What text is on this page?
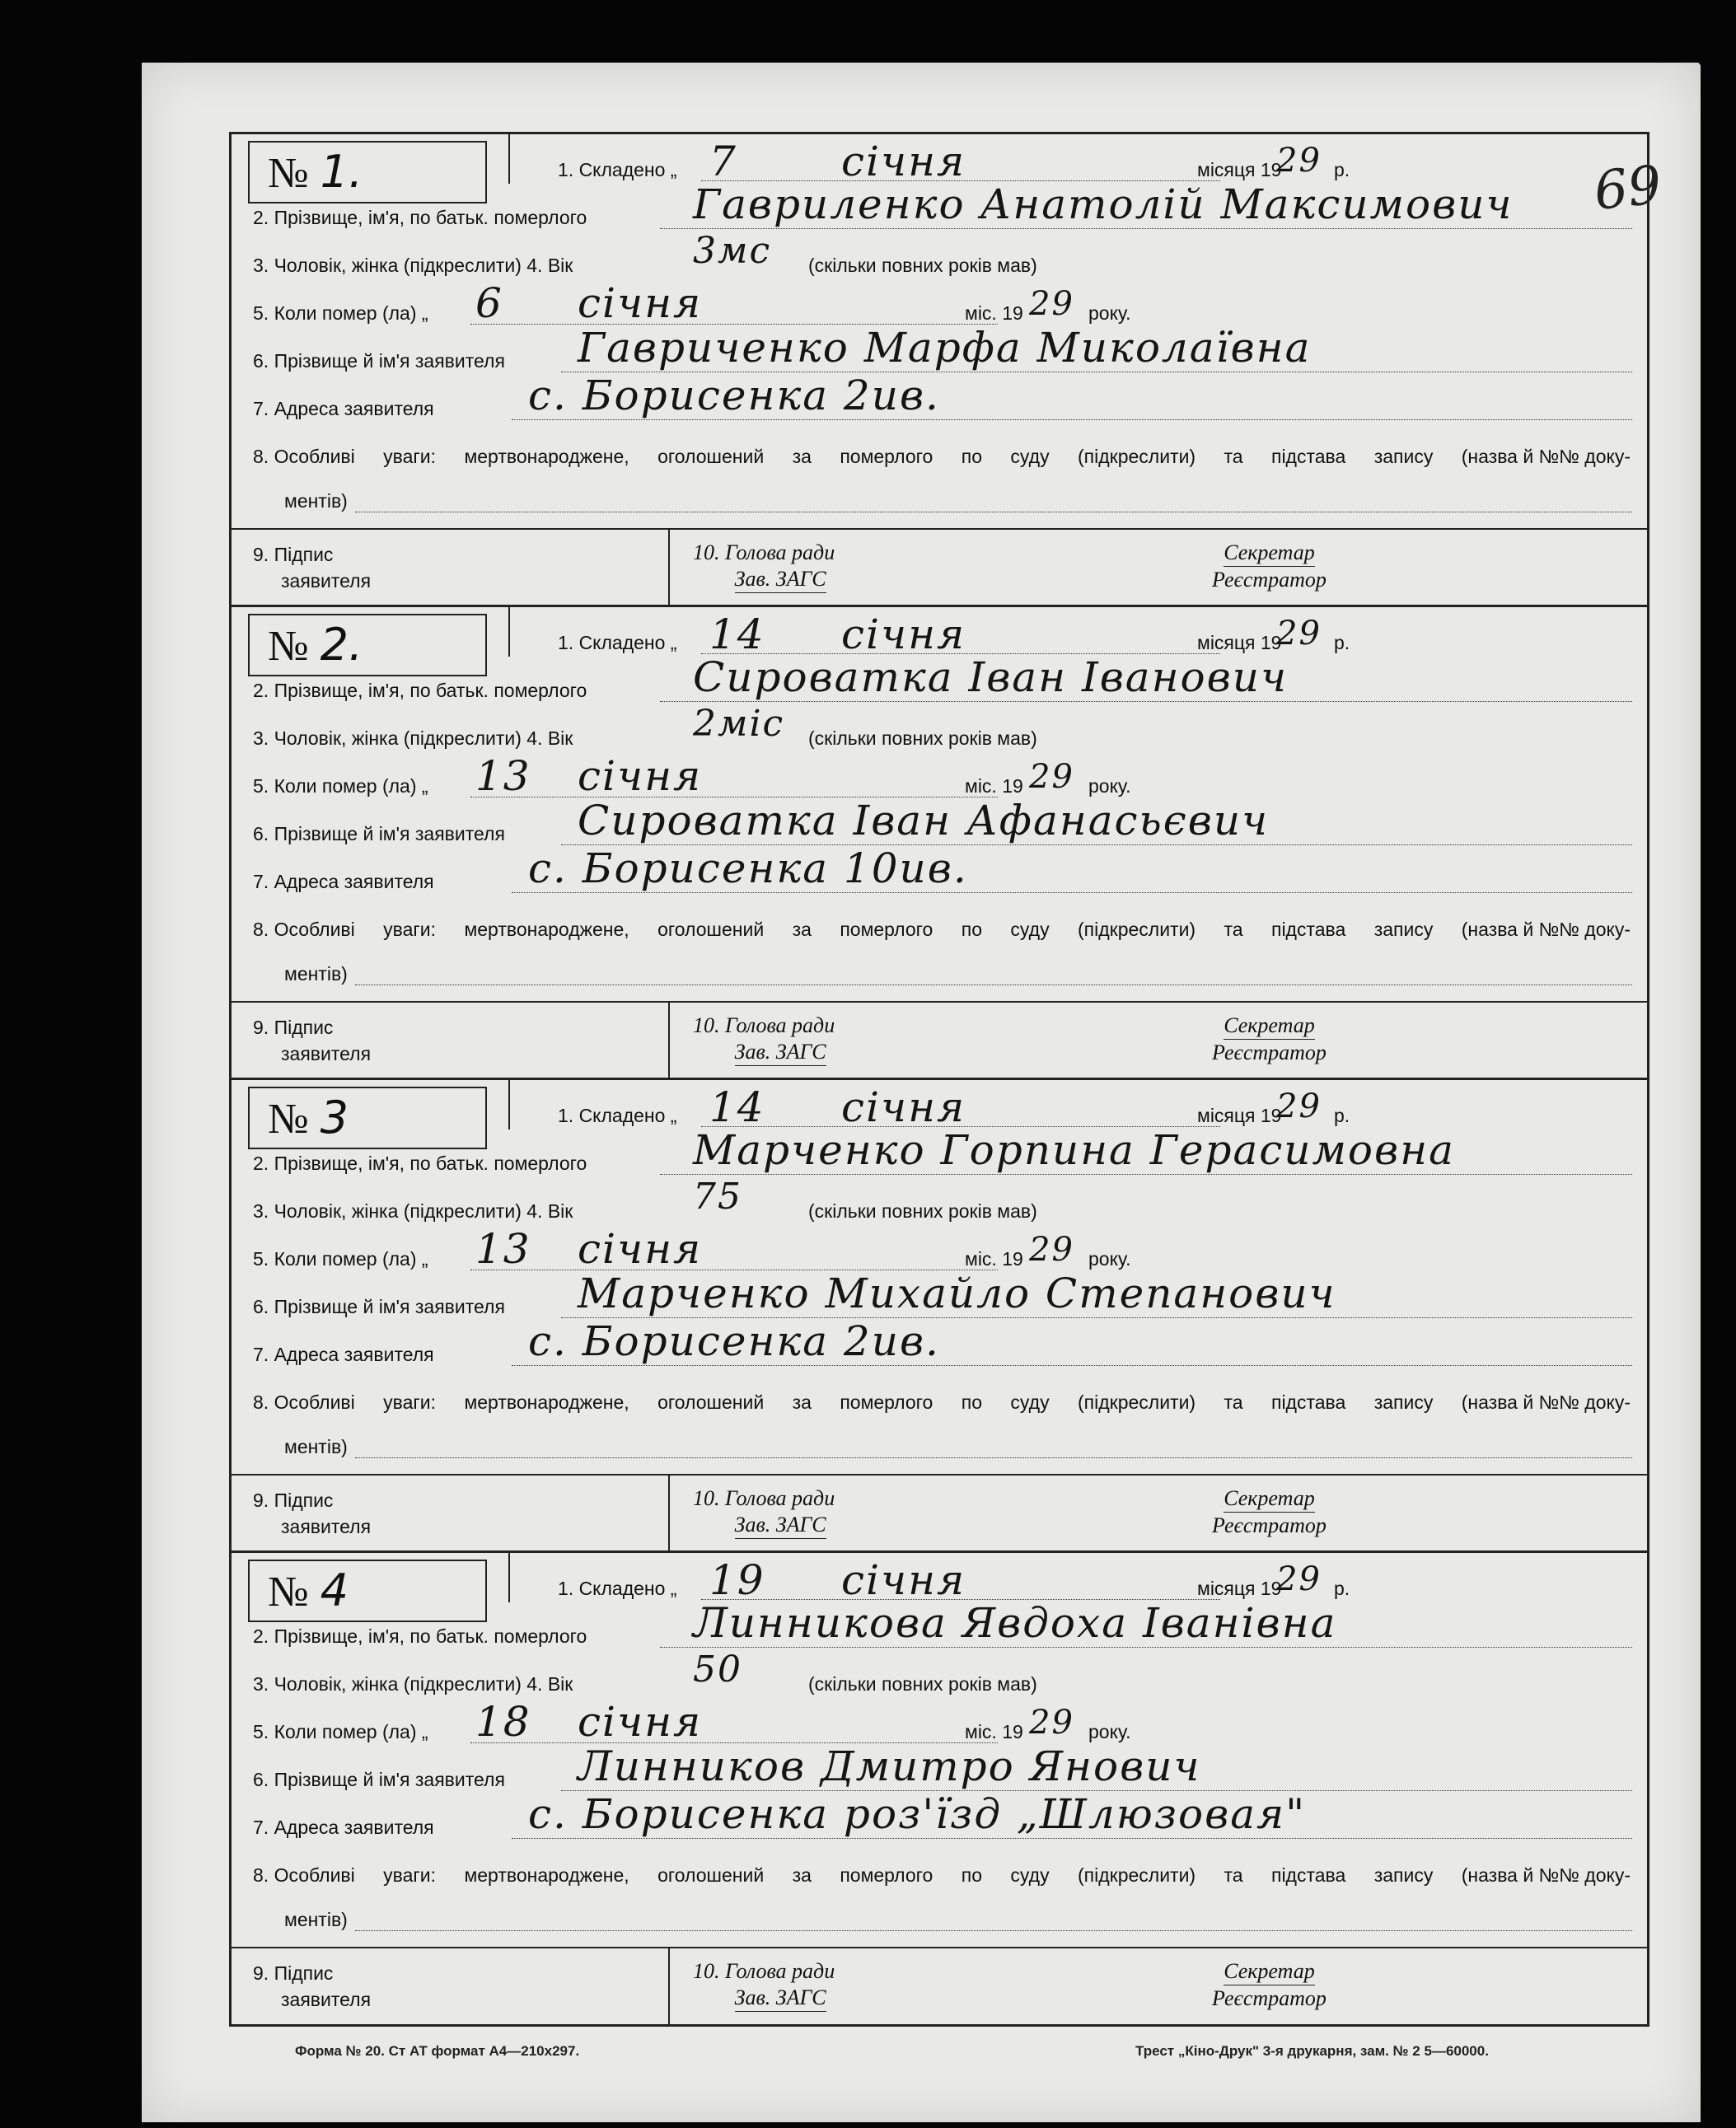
69
№ 1.	1. Складено „ 7	січня	місяця 19
29 р.
2. Прізвище, ім'я, по батьк. померлого	Гавриленко Анатолій Максимович
3. Чоловік, жінка (підкреслити) 4. Вік	3мс (скільки повних років мав)
5. Коли помер (ла) „ 6 січня	міс. 19 29 року.
6. Прізвище й ім'я заявителя Гавриченко Марфа Миколаївна
7. Адреса заявителя с. Борисенка 2ив.
8. Особливі уваги: мертвонароджене, оголошений за померлого по суду (підкреслити) та підстава запису (назва й №№ доку-
ментів)
9. Підпис
заявителя
10. Голова ради
Зав. ЗАГС
Секретар
Реєстратор
№ 2.	1. Складено „ 14 січня	місяця 19
29 р.
2. Прізвище, ім'я, по батьк. померлого	Сироватка Іван Іванович
3. Чоловік, жінка (підкреслити) 4. Вік	2міс (скільки повних років мав)
5. Коли помер (ла) „ 13 січня	міс. 19 29 року.
6. Прізвище й ім'я заявителя Сироватка Іван Афанасьєвич
7. Адреса заявителя с. Борисенка 10ив.
8. Особливі уваги: мертвонароджене, оголошений за померлого по суду (підкреслити) та підстава запису (назва й №№ доку-
ментів)
9. Підпис
заявителя
10. Голова ради
Зав. ЗАГС
Секретар
Реєстратор
№ 3	1. Складено „ 14 січня	місяця 19
29 р.
2. Прізвище, ім'я, по батьк. померлого	Марченко Горпина Герасимовна
3. Чоловік, жінка (підкреслити) 4. Вік	75	(скільки повних років мав)
5. Коли помер (ла) „ 13 січня	міс. 19 29 року.
6. Прізвище й ім'я заявителя Марченко Михайло Степанович
7. Адреса заявителя с. Борисенка 2ив.
8. Особливі уваги: мертвонароджене, оголошений за померлого по суду (підкреслити) та підстава запису (назва й №№ доку-
ментів)
9. Підпис
заявителя
10. Голова ради
Зав. ЗАГС
Секретар
Реєстратор
№ 4	1. Складено „ 19 січня	місяця 19
29 р.
2. Прізвище, ім'я, по батьк. померлого	Линникова Явдоха Іванівна
3. Чоловік, жінка (підкреслити) 4. Вік	50	(скільки повних років мав)
5. Коли помер (ла) „ 18 січня	міс. 19 29 року.
6. Прізвище й ім'я заявителя Линников Дмитро Янович
7. Адреса заявителя с. Борисенка роз'їзд „Шлюзовая"
8. Особливі уваги: мертвонароджене, оголошений за померлого по суду (підкреслити) та підстава запису (назва й №№ доку-
ментів)
9. Підпис
заявителя
10. Голова ради
Зав. ЗАГС
Секретар
Реєстратор
Форма № 20. Ст АТ формат А4—210х297.	Трест „Кіно-Друк" 3-я друкарня, зам. № 2 5—60000.
